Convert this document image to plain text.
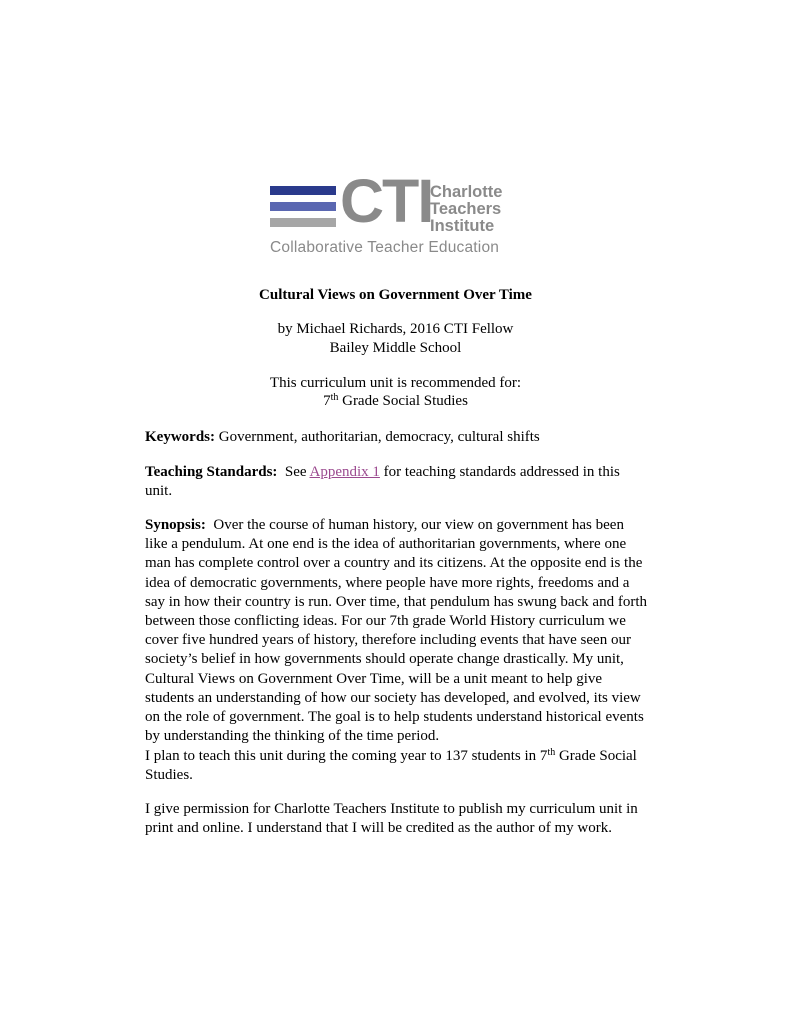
CTI
Charlotte
Teachers
Institute
Collaborative Teacher Education
Cultural Views on Government Over Time
by Michael Richards, 2016 CTI Fellow
Bailey Middle School
This curriculum unit is recommended for:
7th Grade Social Studies
Keywords: Government, authoritarian, democracy, cultural shifts
Teaching Standards:  See Appendix 1 for teaching standards addressed in this unit.
Synopsis:  Over the course of human history, our view on government has been like a pendulum. At one end is the idea of authoritarian governments, where one man has complete control over a country and its citizens. At the opposite end is the idea of democratic governments, where people have more rights, freedoms and a say in how their country is run. Over time, that pendulum has swung back and forth between those conflicting ideas. For our 7th grade World History curriculum we cover five hundred years of history, therefore including events that have seen our society’s belief in how governments should operate change drastically. My unit, Cultural Views on Government Over Time, will be a unit meant to help give students an understanding of how our society has developed, and evolved, its view on the role of government. The goal is to help students understand historical events by understanding the thinking of the time period.
I plan to teach this unit during the coming year to 137 students in 7th Grade Social Studies.
I give permission for Charlotte Teachers Institute to publish my curriculum unit in print and online. I understand that I will be credited as the author of my work.
